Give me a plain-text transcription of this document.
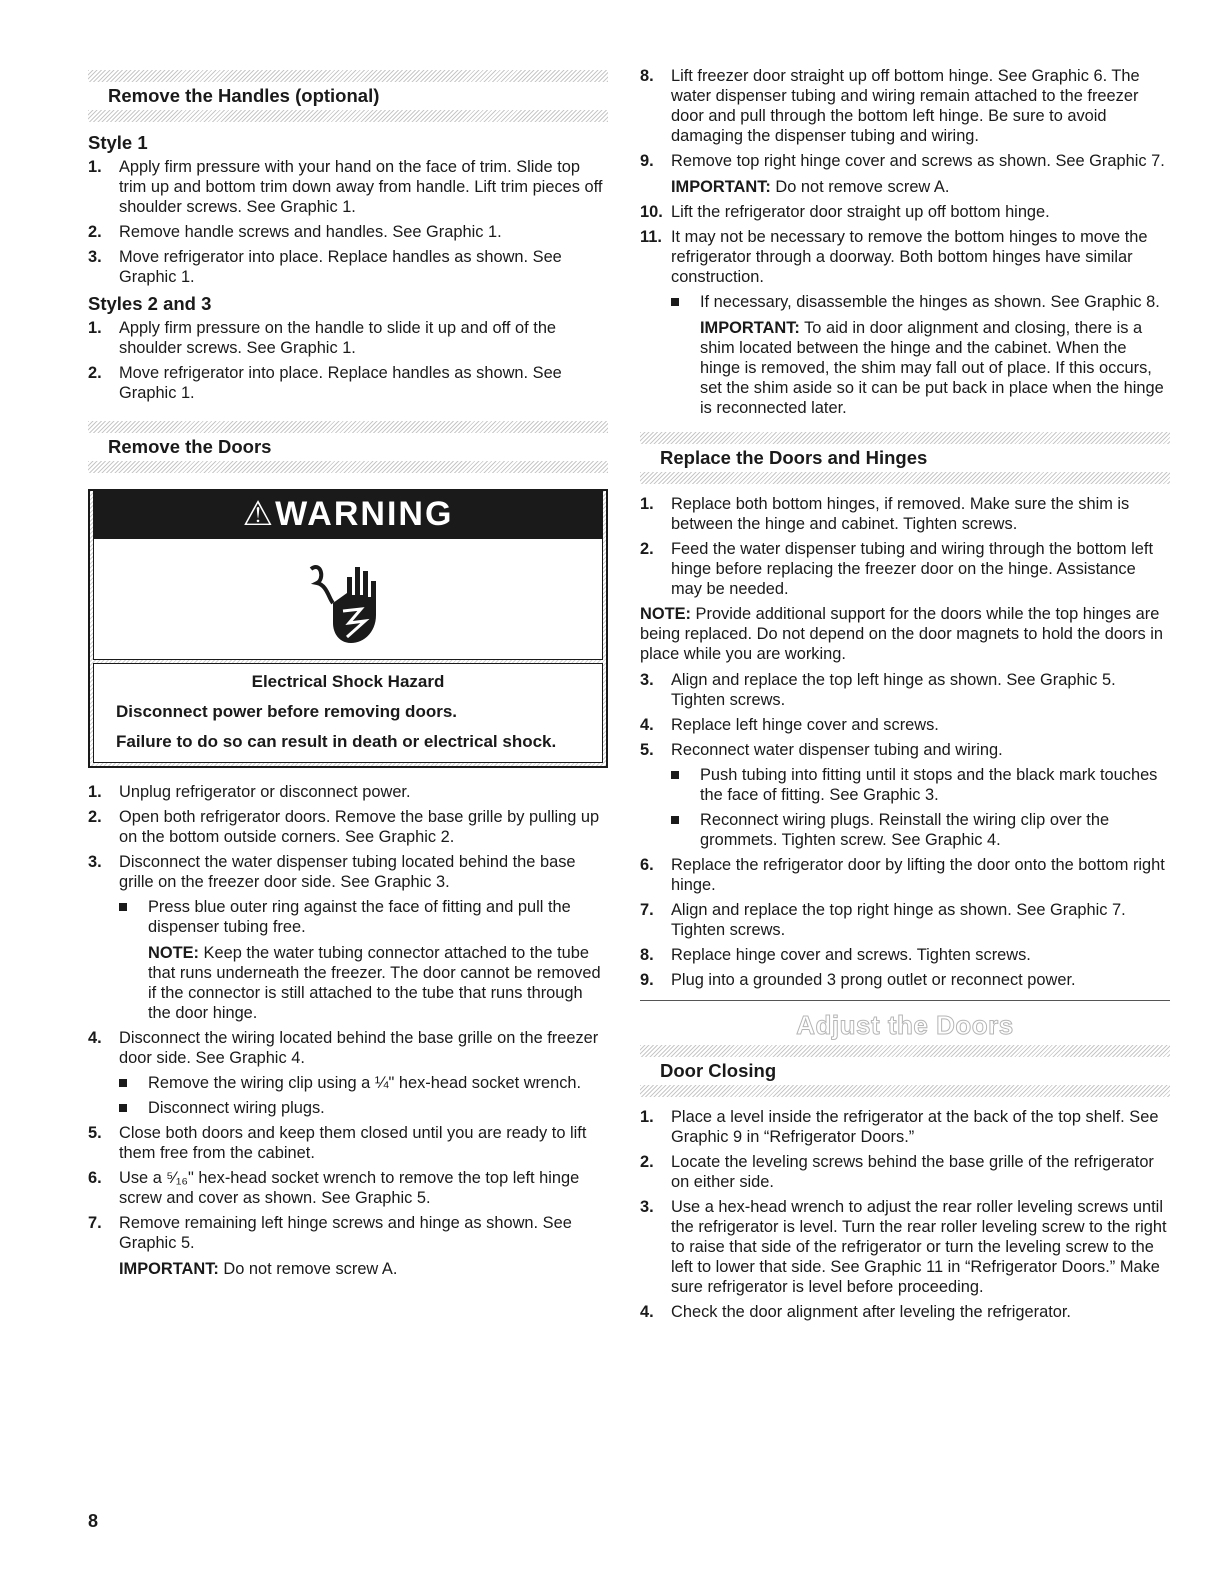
Remove the Handles (optional)
Style 1
1. Apply firm pressure with your hand on the face of trim. Slide top trim up and bottom trim down away from handle. Lift trim pieces off shoulder screws. See Graphic 1.
2. Remove handle screws and handles. See Graphic 1.
3. Move refrigerator into place. Replace handles as shown. See Graphic 1.
Styles 2 and 3
1. Apply firm pressure on the handle to slide it up and off of the shoulder screws. See Graphic 1.
2. Move refrigerator into place. Replace handles as shown. See Graphic 1.
Remove the Doors
⚠WARNING
Electrical Shock Hazard
Disconnect power before removing doors.
Failure to do so can result in death or electrical shock.
1. Unplug refrigerator or disconnect power.
2. Open both refrigerator doors. Remove the base grille by pulling up on the bottom outside corners. See Graphic 2.
3. Disconnect the water dispenser tubing located behind the base grille on the freezer door side. See Graphic 3.
Press blue outer ring against the face of fitting and pull the dispenser tubing free.
NOTE: Keep the water tubing connector attached to the tube that runs underneath the freezer. The door cannot be removed if the connector is still attached to the tube that runs through the door hinge.
4. Disconnect the wiring located behind the base grille on the freezer door side. See Graphic 4.
Remove the wiring clip using a ¼" hex-head socket wrench.
Disconnect wiring plugs.
5. Close both doors and keep them closed until you are ready to lift them free from the cabinet.
6. Use a ⁵⁄₁₆" hex-head socket wrench to remove the top left hinge screw and cover as shown. See Graphic 5.
7. Remove remaining left hinge screws and hinge as shown. See Graphic 5.
IMPORTANT: Do not remove screw A.
8. Lift freezer door straight up off bottom hinge. See Graphic 6. The water dispenser tubing and wiring remain attached to the freezer door and pull through the bottom left hinge. Be sure to avoid damaging the dispenser tubing and wiring.
9. Remove top right hinge cover and screws as shown. See Graphic 7.
IMPORTANT: Do not remove screw A.
10. Lift the refrigerator door straight up off bottom hinge.
11. It may not be necessary to remove the bottom hinges to move the refrigerator through a doorway. Both bottom hinges have similar construction.
If necessary, disassemble the hinges as shown. See Graphic 8.
IMPORTANT: To aid in door alignment and closing, there is a shim located between the hinge and the cabinet. When the hinge is removed, the shim may fall out of place. If this occurs, set the shim aside so it can be put back in place when the hinge is reconnected later.
Replace the Doors and Hinges
1. Replace both bottom hinges, if removed. Make sure the shim is between the hinge and cabinet. Tighten screws.
2. Feed the water dispenser tubing and wiring through the bottom left hinge before replacing the freezer door on the hinge. Assistance may be needed.
NOTE: Provide additional support for the doors while the top hinges are being replaced. Do not depend on the door magnets to hold the doors in place while you are working.
3. Align and replace the top left hinge as shown. See Graphic 5. Tighten screws.
4. Replace left hinge cover and screws.
5. Reconnect water dispenser tubing and wiring.
Push tubing into fitting until it stops and the black mark touches the face of fitting. See Graphic 3.
Reconnect wiring plugs. Reinstall the wiring clip over the grommets. Tighten screw. See Graphic 4.
6. Replace the refrigerator door by lifting the door onto the bottom right hinge.
7. Align and replace the top right hinge as shown. See Graphic 7. Tighten screws.
8. Replace hinge cover and screws. Tighten screws.
9. Plug into a grounded 3 prong outlet or reconnect power.
Adjust the Doors
Door Closing
1. Place a level inside the refrigerator at the back of the top shelf. See Graphic 9 in “Refrigerator Doors.”
2. Locate the leveling screws behind the base grille of the refrigerator on either side.
3. Use a hex-head wrench to adjust the rear roller leveling screws until the refrigerator is level. Turn the rear roller leveling screw to the right to raise that side of the refrigerator or turn the leveling screw to the left to lower that side. See Graphic 11 in “Refrigerator Doors.” Make sure refrigerator is level before proceeding.
4. Check the door alignment after leveling the refrigerator.
8
